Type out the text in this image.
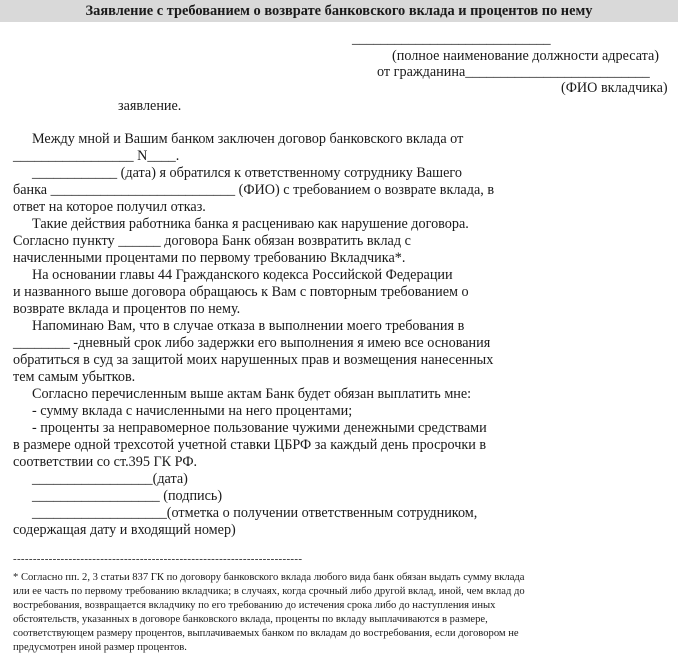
Заявление с требованием о возврате банковского вклада и процентов по нему
____________________________
(полное наименование должности адресата)
от гражданина__________________________
(ФИО вкладчика)
заявление.
Между мной и Вашим банком заключен договор банковского вклада от
_________________ N____.
____________ (дата) я обратился к ответственному сотруднику Вашего
банка __________________________ (ФИО) с требованием о возврате вклада, в
ответ на которое получил отказ.
Такие действия работника банка я расцениваю как нарушение договора.
Согласно пункту ______ договора Банк обязан возвратить вклад с
начисленными процентами по первому требованию Вкладчика*.
На основании главы 44 Гражданского кодекса Российской Федерации
и названного выше договора обращаюсь к Вам с повторным требованием о
возврате вклада и процентов по нему.
Напоминаю Вам, что в случае отказа в выполнении моего требования в
________ -дневный срок либо задержки его выполнения я имею все основания
обратиться в суд за защитой моих нарушенных прав и возмещения нанесенных
тем самым убытков.
Согласно перечисленным выше актам Банк будет обязан выплатить мне:
- сумму вклада с начисленными на него процентами;
- проценты за неправомерное пользование чужими денежными средствами
в размере одной трехсотой учетной ставки ЦБРФ за каждый день просрочки в
соответствии со ст.395 ГК РФ.
_________________(дата)
__________________ (подпись)
___________________(отметка о получении ответственным сотрудником,
содержащая дату и входящий номер)
-------------------------------------------------------------------------
* Согласно пп. 2, 3 статьи 837 ГК по договору банковского вклада любого вида банк обязан выдать сумму вклада
или ее часть по первому требованию вкладчика; в случаях, когда срочный либо другой вклад, иной, чем вклад до
востребования, возвращается вкладчику по его требованию до истечения срока либо до наступления иных
обстоятельств, указанных в договоре банковского вклада, проценты по вкладу выплачиваются в размере,
соответствующем размеру процентов, выплачиваемых банком по вкладам до востребования, если договором не
предусмотрен иной размер процентов.
